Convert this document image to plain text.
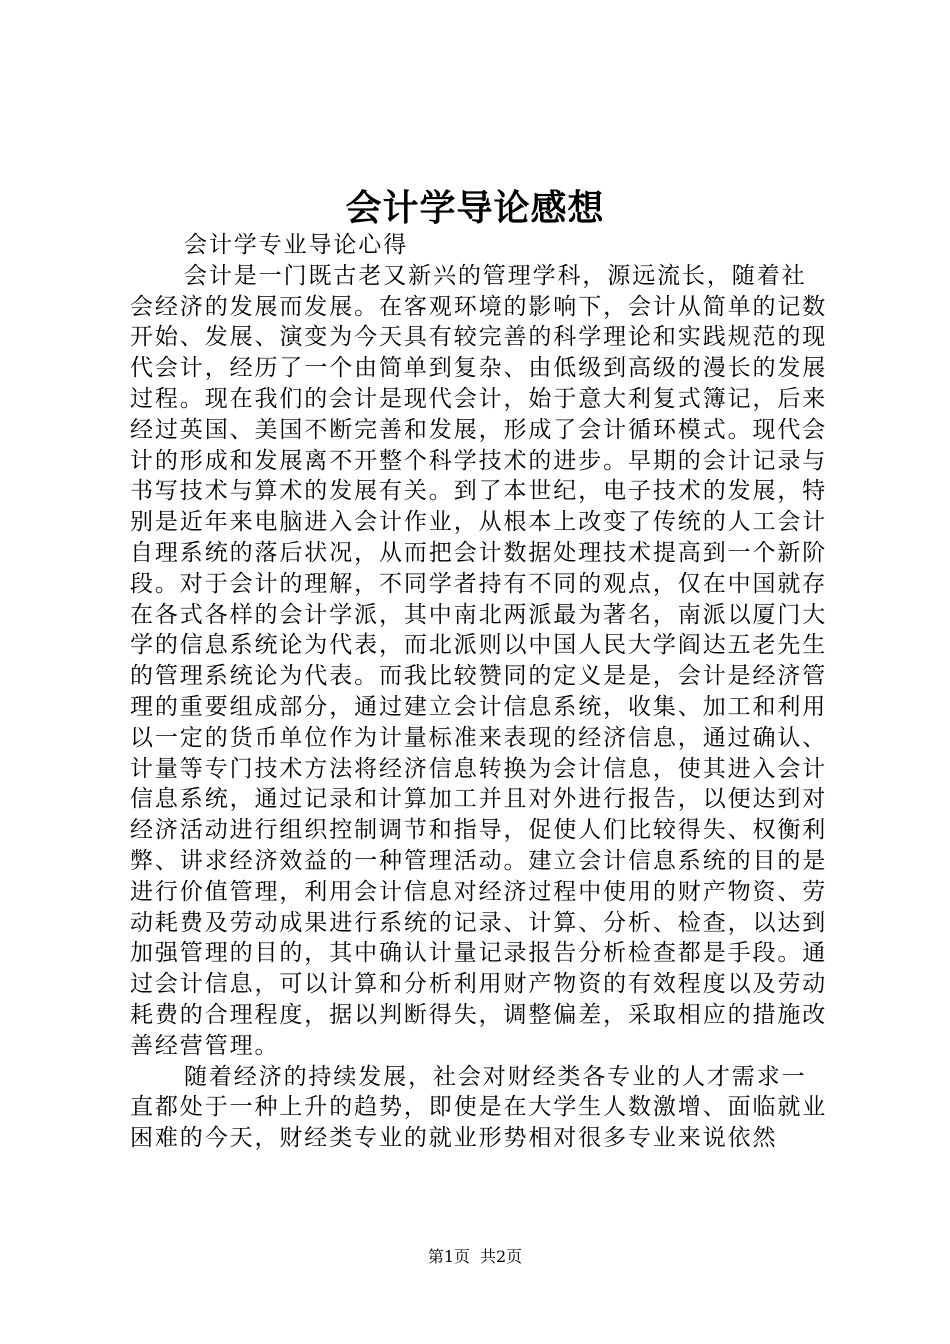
会计学导论感想

会计学专业导论心得

会计是一门既古老又新兴的管理学科，源远流长，随着社会经济的发展而发展。在客观环境的影响下，会计从简单的记数开始、发展、演变为今天具有较完善的科学理论和实践规范的现代会计，经历了一个由简单到复杂、由低级到高级的漫长的发展过程。现在我们的会计是现代会计，始于意大利复式簿记，后来经过英国、美国不断完善和发展，形成了会计循环模式。现代会计的形成和发展离不开整个科学技术的进步。早期的会计记录与书写技术与算术的发展有关。到了本世纪，电子技术的发展，特别是近年来电脑进入会计作业，从根本上改变了传统的人工会计自理系统的落后状况，从而把会计数据处理技术提高到一个新阶段。对于会计的理解，不同学者持有不同的观点，仅在中国就存在各式各样的会计学派，其中南北两派最为著名，南派以厦门大学的信息系统论为代表，而北派则以中国人民大学阎达五老先生的管理系统论为代表。而我比较赞同的定义是是，会计是经济管理的重要组成部分，通过建立会计信息系统，收集、加工和利用以一定的货币单位作为计量标准来表现的经济信息，通过确认、计量等专门技术方法将经济信息转换为会计信息，使其进入会计信息系统，通过记录和计算加工并且对外进行报告，以便达到对经济活动进行组织控制调节和指导，促使人们比较得失、权衡利弊、讲求经济效益的一种管理活动。建立会计信息系统的目的是进行价值管理，利用会计信息对经济过程中使用的财产物资、劳动耗费及劳动成果进行系统的记录、计算、分析、检查，以达到加强管理的目的，其中确认计量记录报告分析检查都是手段。通过会计信息，可以计算和分析利用财产物资的有效程度以及劳动耗费的合理程度，据以判断得失，调整偏差，采取相应的措施改善经营管理。

随着经济的持续发展，社会对财经类各专业的人才需求一直都处于一种上升的趋势，即使是在大学生人数激增、面临就业困难的今天，财经类专业的就业形势相对很多专业来说依然

第1页 共2页
